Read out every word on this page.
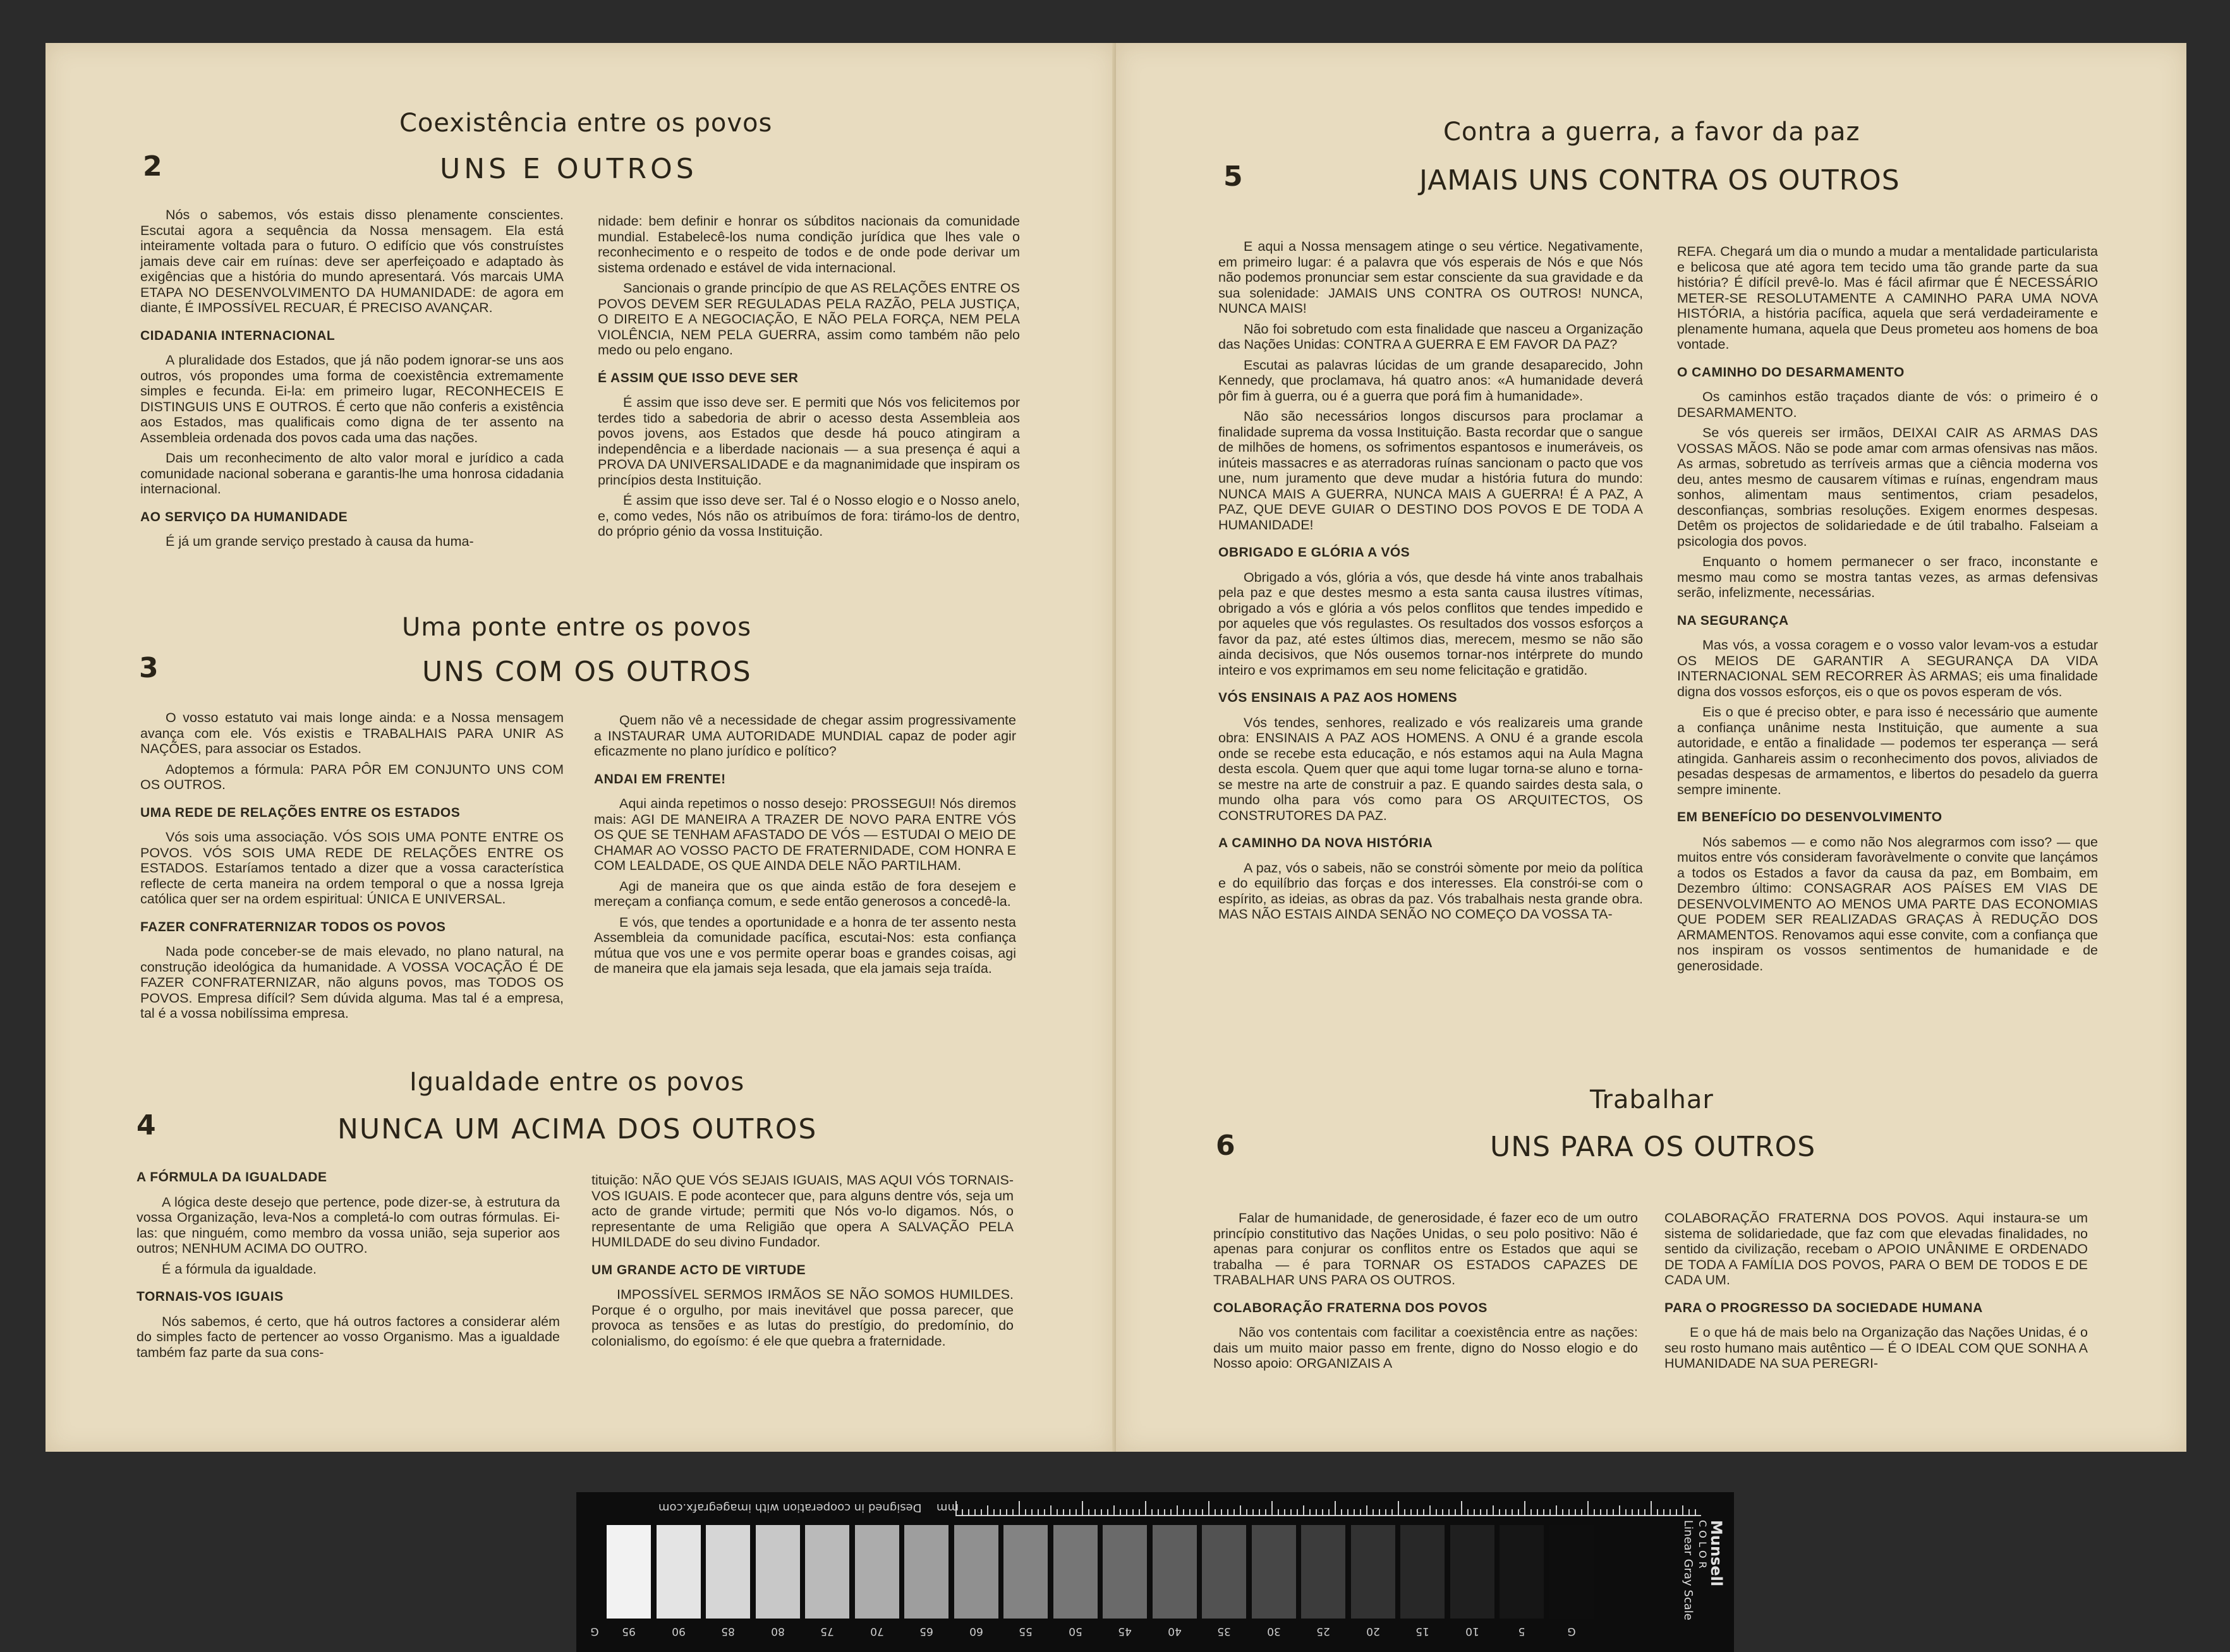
Coexistência entre os povos
2	UNS E OUTROS

Nós o sabemos, vós estais disso plenamente conscientes. Escutai agora a sequência da Nossa mensagem. Ela está inteiramente voltada para o futuro. O edifício que vós construístes jamais deve cair em ruínas: deve ser aperfeiçoado e adaptado às exigências que a história do mundo apresentará. Vós marcais UMA ETAPA NO DESENVOLVIMENTO DA HUMANIDADE: de agora em diante, É IMPOSSÍVEL RECUAR, É PRECISO AVANÇAR.

CIDADANIA INTERNACIONAL

A pluralidade dos Estados, que já não podem ignorar-se uns aos outros, vós propondes uma forma de coexistência extremamente simples e fecunda. Ei-la: em primeiro lugar, RECONHECEIS E DISTINGUIS UNS E OUTROS. É certo que não conferis a existência aos Estados, mas qualificais como digna de ter assento na Assembleia ordenada dos povos cada uma das nações.

Dais um reconhecimento de alto valor moral e jurídico a cada comunidade nacional soberana e garantis-lhe uma honrosa cidadania internacional.

AO SERVIÇO DA HUMANIDADE

É já um grande serviço prestado à causa da huma-

nidade: bem definir e honrar os súbditos nacionais da comunidade mundial. Estabelecê-los numa condição jurídica que lhes vale o reconhecimento e o respeito de todos e de onde pode derivar um sistema ordenado e estável de vida internacional.

Sancionais o grande princípio de que AS RELAÇÕES ENTRE OS POVOS DEVEM SER REGULADAS PELA RAZÃO, PELA JUSTIÇA, O DIREITO E A NEGOCIAÇÃO, E NÃO PELA FORÇA, NEM PELA VIOLÊNCIA, NEM PELA GUERRA, assim como também não pelo medo ou pelo engano.

É ASSIM QUE ISSO DEVE SER

É assim que isso deve ser. E permiti que Nós vos felicitemos por terdes tido a sabedoria de abrir o acesso desta Assembleia aos povos jovens, aos Estados que desde há pouco atingiram a independência e a liberdade nacionais — a sua presença é aqui a PROVA DA UNIVERSALIDADE e da magnanimidade que inspiram os princípios desta Instituição.

É assim que isso deve ser. Tal é o Nosso elogio e o Nosso anelo, e, como vedes, Nós não os atribuímos de fora: tirámo-los de dentro, do próprio génio da vossa Instituição.

Uma ponte entre os povos
3	UNS COM OS OUTROS

O vosso estatuto vai mais longe ainda: e a Nossa mensagem avança com ele. Vós existis e TRABALHAIS PARA UNIR AS NAÇÕES, para associar os Estados.

Adoptemos a fórmula: PARA PÔR EM CONJUNTO UNS COM OS OUTROS.

UMA REDE DE RELAÇÕES ENTRE OS ESTADOS

Vós sois uma associação. VÓS SOIS UMA PONTE ENTRE OS POVOS. VÓS SOIS UMA REDE DE RELAÇÕES ENTRE OS ESTADOS. Estaríamos tentado a dizer que a vossa característica reflecte de certa maneira na ordem temporal o que a nossa Igreja católica quer ser na ordem espiritual: ÚNICA E UNIVERSAL.

FAZER CONFRATERNIZAR TODOS OS POVOS

Nada pode conceber-se de mais elevado, no plano natural, na construção ideológica da humanidade. A VOSSA VOCAÇÃO É DE FAZER CONFRATERNIZAR, não alguns povos, mas TODOS OS POVOS. Empresa difícil? Sem dúvida alguma. Mas tal é a empresa, tal é a vossa nobilíssima empresa.

Quem não vê a necessidade de chegar assim progressivamente a INSTAURAR UMA AUTORIDADE MUNDIAL capaz de poder agir eficazmente no plano jurídico e político?

ANDAI EM FRENTE!

Aqui ainda repetimos o nosso desejo: PROSSEGUI! Nós diremos mais: AGI DE MANEIRA A TRAZER DE NOVO PARA ENTRE VÓS OS QUE SE TENHAM AFASTADO DE VÓS — ESTUDAI O MEIO DE CHAMAR AO VOSSO PACTO DE FRATERNIDADE, COM HONRA E COM LEALDADE, OS QUE AINDA DELE NÃO PARTILHAM.

Agi de maneira que os que ainda estão de fora desejem e mereçam a confiança comum, e sede então generosos a concedê-la.

E vós, que tendes a oportunidade e a honra de ter assento nesta Assembleia da comunidade pacífica, escutai-Nos: esta confiança mútua que vos une e vos permite operar boas e grandes coisas, agi de maneira que ela jamais seja lesada, que ela jamais seja traída.

Igualdade entre os povos
4	NUNCA UM ACIMA DOS OUTROS
A FÓRMULA DA IGUALDADE

A lógica deste desejo que pertence, pode dizer-se, à estrutura da vossa Organização, leva-Nos a completá-lo com outras fórmulas. Ei-las: que ninguém, como membro da vossa união, seja superior aos outros; NENHUM ACIMA DO OUTRO.

É a fórmula da igualdade.

TORNAIS-VOS IGUAIS

Nós sabemos, é certo, que há outros factores a considerar além do simples facto de pertencer ao vosso Organismo. Mas a igualdade também faz parte da sua cons-

tituição: NÃO QUE VÓS SEJAIS IGUAIS, MAS AQUI VÓS TORNAIS-VOS IGUAIS. E pode acontecer que, para alguns dentre vós, seja um acto de grande virtude; permiti que Nós vo-lo digamos. Nós, o representante de uma Religião que opera A SALVAÇÃO PELA HUMILDADE do seu divino Fundador.

UM GRANDE ACTO DE VIRTUDE

IMPOSSÍVEL SERMOS IRMÃOS SE NÃO SOMOS HUMILDES. Porque é o orgulho, por mais inevitável que possa parecer, que provoca as tensões e as lutas do prestígio, do predomínio, do colonialismo, do egoísmo: é ele que quebra a fraternidade.

Contra a guerra, a favor da paz
5	JAMAIS UNS CONTRA OS OUTROS

E aqui a Nossa mensagem atinge o seu vértice. Negativamente, em primeiro lugar: é a palavra que vós esperais de Nós e que Nós não podemos pronunciar sem estar consciente da sua gravidade e da sua solenidade: JAMAIS UNS CONTRA OS OUTROS! NUNCA, NUNCA MAIS!

Não foi sobretudo com esta finalidade que nasceu a Organização das Nações Unidas: CONTRA A GUERRA E EM FAVOR DA PAZ?

Escutai as palavras lúcidas de um grande desaparecido, John Kennedy, que proclamava, há quatro anos: «A humanidade deverá pôr fim à guerra, ou é a guerra que porá fim à humanidade».

Não são necessários longos discursos para proclamar a finalidade suprema da vossa Instituição. Basta recordar que o sangue de milhões de homens, os sofrimentos espantosos e inumeráveis, os inúteis massacres e as aterradoras ruínas sancionam o pacto que vos une, num juramento que deve mudar a história futura do mundo: NUNCA MAIS A GUERRA, NUNCA MAIS A GUERRA! É A PAZ, A PAZ, QUE DEVE GUIAR O DESTINO DOS POVOS E DE TODA A HUMANIDADE!

OBRIGADO E GLÓRIA A VÓS

Obrigado a vós, glória a vós, que desde há vinte anos trabalhais pela paz e que destes mesmo a esta santa causa ilustres vítimas, obrigado a vós e glória a vós pelos conflitos que tendes impedido e por aqueles que vós regulastes. Os resultados dos vossos esforços a favor da paz, até estes últimos dias, merecem, mesmo se não são ainda decisivos, que Nós ousemos tornar-nos intérprete do mundo inteiro e vos exprimamos em seu nome felicitação e gratidão.

VÓS ENSINAIS A PAZ AOS HOMENS

Vós tendes, senhores, realizado e vós realizareis uma grande obra: ENSINAIS A PAZ AOS HOMENS. A ONU é a grande escola onde se recebe esta educação, e nós estamos aqui na Aula Magna desta escola. Quem quer que aqui tome lugar torna-se aluno e torna-se mestre na arte de construir a paz. E quando sairdes desta sala, o mundo olha para vós como para OS ARQUITECTOS, OS CONSTRUTORES DA PAZ.

A CAMINHO DA NOVA HISTÓRIA

A paz, vós o sabeis, não se constrói sòmente por meio da política e do equilíbrio das forças e dos interesses. Ela constrói-se com o espírito, as ideias, as obras da paz. Vós trabalhais nesta grande obra. MAS NÃO ESTAIS AINDA SENÃO NO COMEÇO DA VOSSA TA-

REFA. Chegará um dia o mundo a mudar a mentalidade particularista e belicosa que até agora tem tecido uma tão grande parte da sua história? É difícil prevê-lo. Mas é fácil afirmar que É NECESSÁRIO METER-SE RESOLUTAMENTE A CAMINHO PARA UMA NOVA HISTÓRIA, a história pacífica, aquela que será verdadeiramente e plenamente humana, aquela que Deus prometeu aos homens de boa vontade.

O CAMINHO DO DESARMAMENTO

Os caminhos estão traçados diante de vós: o primeiro é o DESARMAMENTO.

Se vós quereis ser irmãos, DEIXAI CAIR AS ARMAS DAS VOSSAS MÃOS. Não se pode amar com armas ofensivas nas mãos. As armas, sobretudo as terríveis armas que a ciência moderna vos deu, antes mesmo de causarem vítimas e ruínas, engendram maus sonhos, alimentam maus sentimentos, criam pesadelos, desconfianças, sombrias resoluções. Exigem enormes despesas. Detêm os projectos de solidariedade e de útil trabalho. Falseiam a psicologia dos povos.

Enquanto o homem permanecer o ser fraco, inconstante e mesmo mau como se mostra tantas vezes, as armas defensivas serão, infelizmente, necessárias.

NA SEGURANÇA

Mas vós, a vossa coragem e o vosso valor levam-vos a estudar OS MEIOS DE GARANTIR A SEGURANÇA DA VIDA INTERNACIONAL SEM RECORRER ÀS ARMAS; eis uma finalidade digna dos vossos esforços, eis o que os povos esperam de vós.

Eis o que é preciso obter, e para isso é necessário que aumente a confiança unânime nesta Instituição, que aumente a sua autoridade, e então a finalidade — podemos ter esperança — será atingida. Ganhareis assim o reconhecimento dos povos, aliviados de pesadas despesas de armamentos, e libertos do pesadelo da guerra sempre iminente.

EM BENEFÍCIO DO DESENVOLVIMENTO

Nós sabemos — e como não Nos alegrarmos com isso? — que muitos entre vós consideram favoràvelmente o convite que lançámos a todos os Estados a favor da causa da paz, em Bombaim, em Dezembro último: CONSAGRAR AOS PAÍSES EM VIAS DE DESENVOLVIMENTO AO MENOS UMA PARTE DAS ECONOMIAS QUE PODEM SER REALIZADAS GRAÇAS À REDUÇÃO DOS ARMAMENTOS. Renovamos aqui esse convite, com a confiança que nos inspiram os vossos sentimentos de humanidade e de generosidade.

Trabalhar
6	UNS PARA OS OUTROS

Falar de humanidade, de generosidade, é fazer eco de um outro princípio constitutivo das Nações Unidas, o seu polo positivo: Não é apenas para conjurar os conflitos entre os Estados que aqui se trabalha — é para TORNAR OS ESTADOS CAPAZES DE TRABALHAR UNS PARA OS OUTROS.

COLABORAÇÃO FRATERNA DOS POVOS

Não vos contentais com facilitar a coexistência entre as nações: dais um muito maior passo em frente, digno do Nosso elogio e do Nosso apoio: ORGANIZAIS A

COLABORAÇÃO FRATERNA DOS POVOS. Aqui instaura-se um sistema de solidariedade, que faz com que elevadas finalidades, no sentido da civilização, recebam o APOIO UNÂNIME E ORDENADO DE TODA A FAMÍLIA DOS POVOS, PARA O BEM DE TODOS E DE CADA UM.

PARA O PROGRESSO DA SOCIEDADE HUMANA

E o que há de mais belo na Organização das Nações Unidas, é o seu rosto humano mais autêntico — É O IDEAL COM QUE SONHA A HUMANIDADE NA SUA PEREGRI-

Designed in cooperation with imagegrafx.com mm
95	90	85	80	75	70	65	60	55	50	45	40	35	30	25	20	15	10	5	G
G
Munsell
C O L O R
Linear Gray Scale
